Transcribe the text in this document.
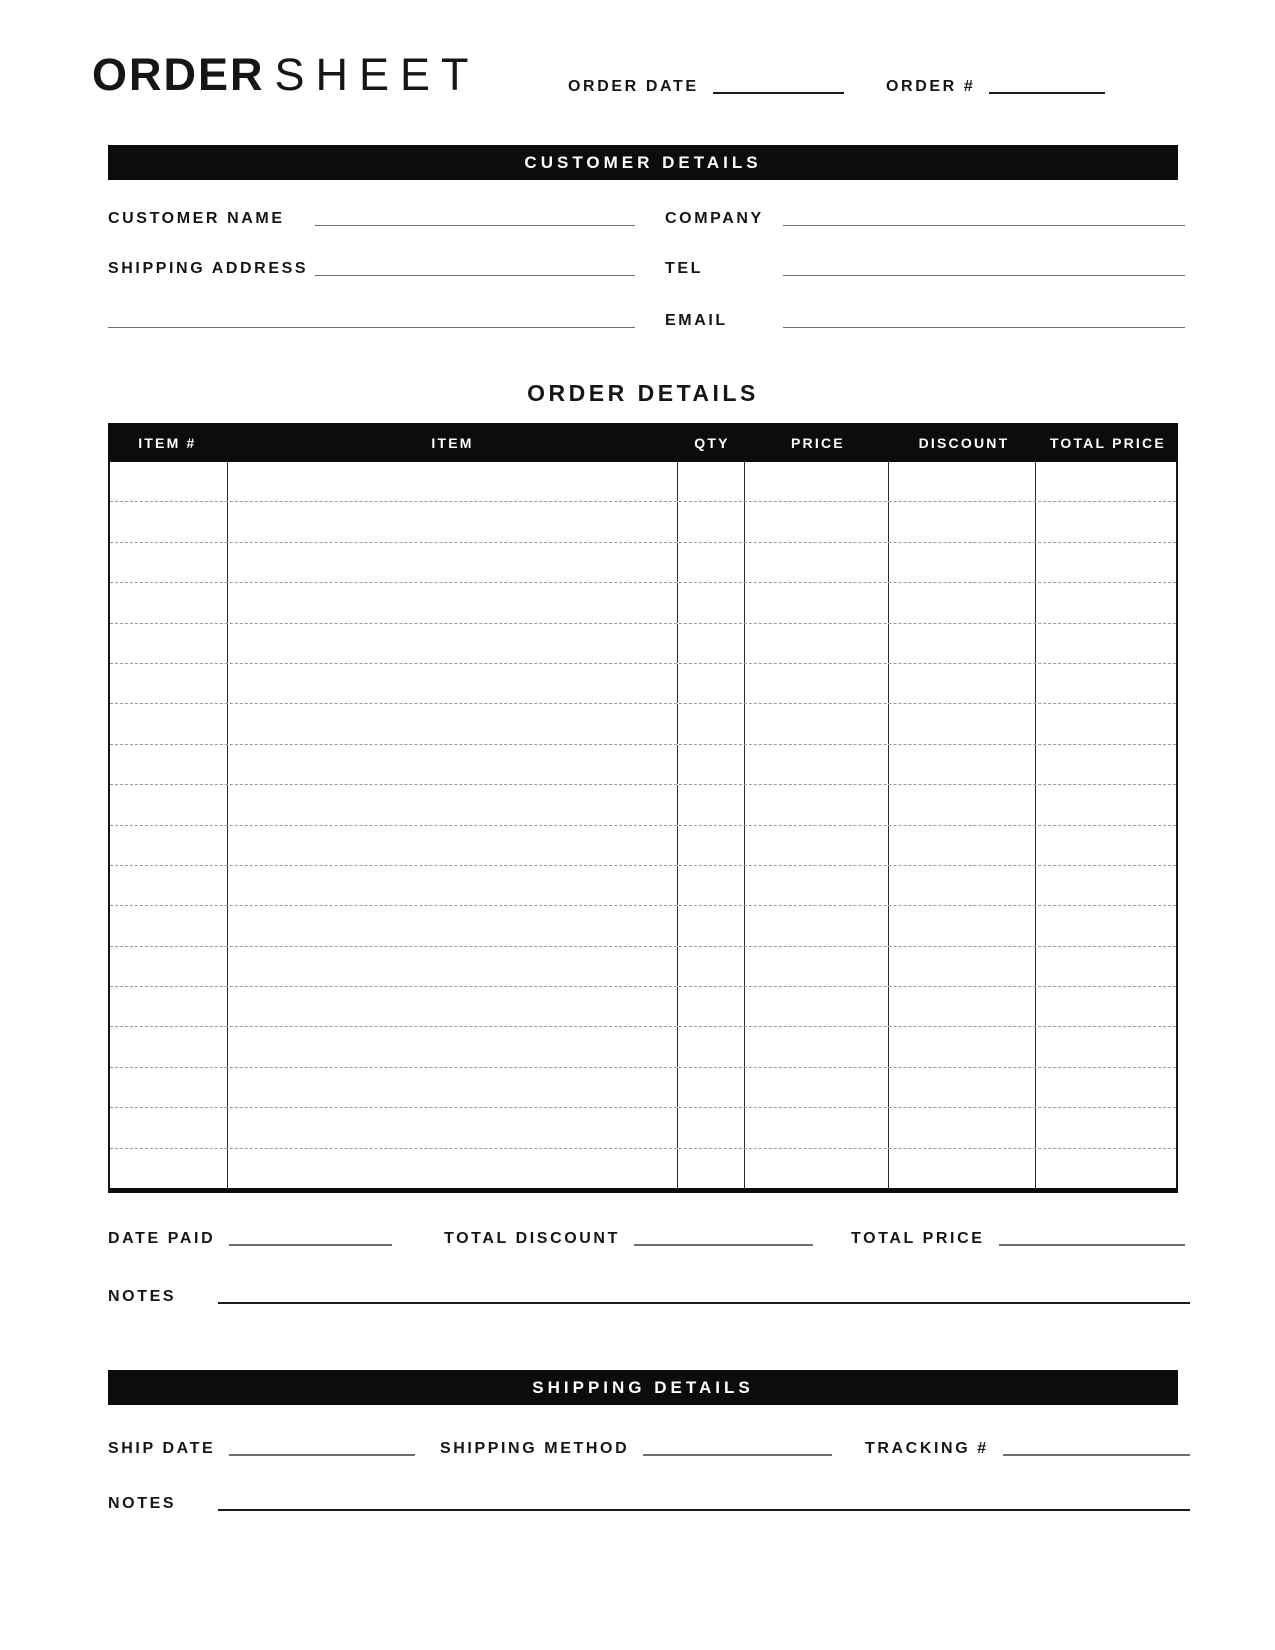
ORDER SHEET	ORDER DATE	ORDER #
CUSTOMER DETAILS
CUSTOMER NAME
SHIPPING ADDRESS
COMPANY
TEL
EMAIL
ORDER DETAILS
ITEM #	ITEM	QTY	PRICE	DISCOUNT	TOTAL PRICE
DATE PAID	TOTAL DISCOUNT	TOTAL PRICE
NOTES
SHIPPING DETAILS
SHIP DATE	SHIPPING METHOD	TRACKING #
NOTES
